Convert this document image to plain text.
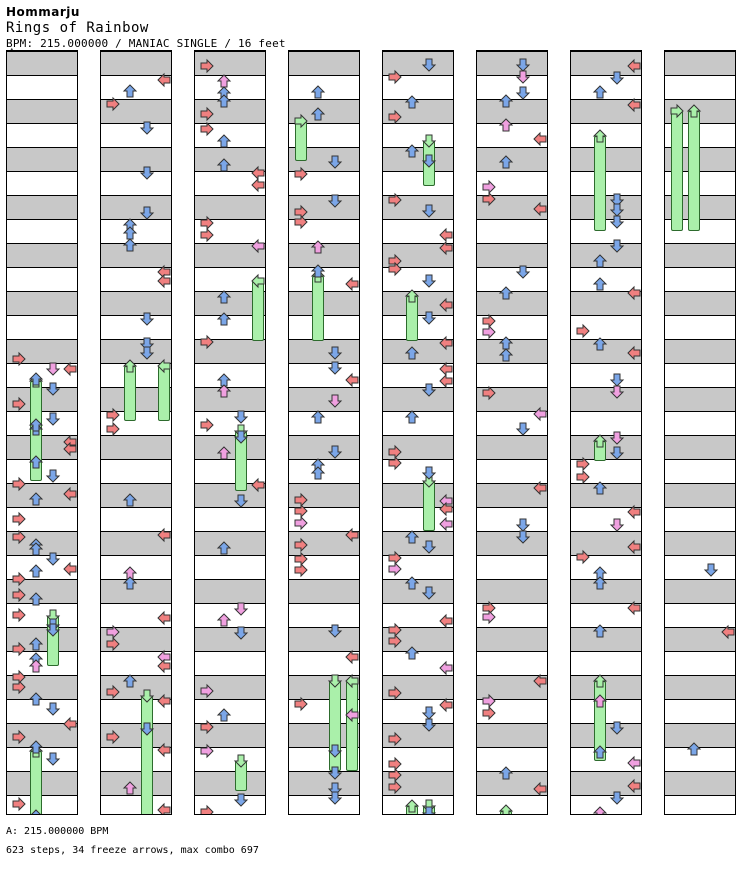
Hommarju
Rings of Rainbow
BPM: 215.000000 / MANIAC SINGLE / 16 feet
A: 215.000000 BPM
623 steps, 34 freeze arrows, max combo 697
